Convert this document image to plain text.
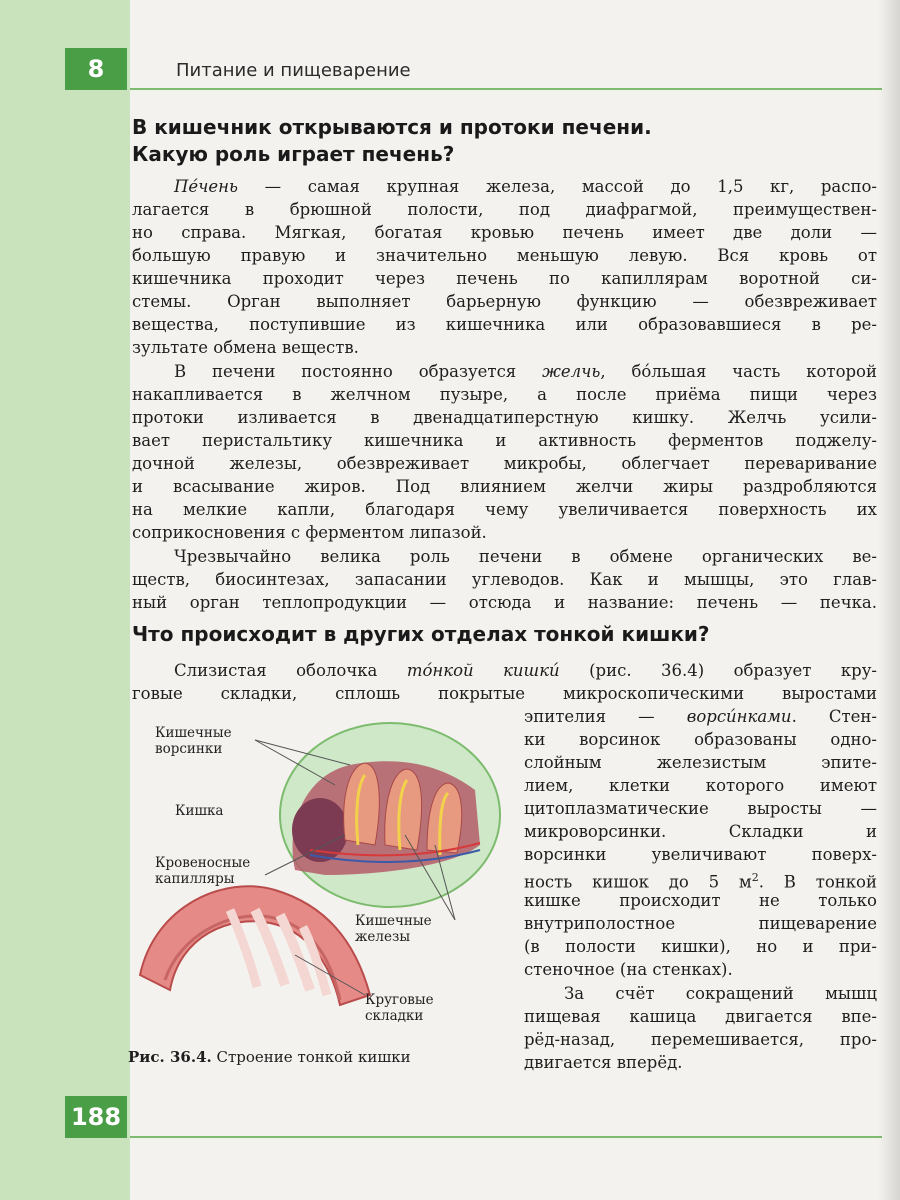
8	Питание и пищеварение
В кишечник открываются и протоки печени.
Какую роль играет печень?
Пе́чень — самая крупная железа, массой до 1,5 кг, распо-
лагается в брюшной полости, под диафрагмой, преимуществен-
но справа. Мягкая, богатая кровью печень имеет две доли —
большую правую и значительно меньшую левую. Вся кровь от
кишечника проходит через печень по капиллярам воротной си-
стемы. Орган выполняет барьерную функцию — обезвреживает
вещества, поступившие из кишечника или образовавшиеся в ре-
зультате обмена веществ.
В печени постоянно образуется желчь, бо́льшая часть которой
накапливается в желчном пузыре, а после приёма пищи через
протоки изливается в двенадцатиперстную кишку. Желчь усили-
вает перистальтику кишечника и активность ферментов поджелу-
дочной железы, обезвреживает микробы, облегчает переваривание
и всасывание жиров. Под влиянием желчи жиры раздробляются
на мелкие капли, благодаря чему увеличивается поверхность их
соприкосновения с ферментом липазой.
Чрезвычайно велика роль печени в обмене органических ве-
ществ, биосинтезах, запасании углеводов. Как и мышцы, это глав-
ный орган теплопродукции — отсюда и название: печень — печка.
Что происходит в других отделах тонкой кишки?
Слизистая оболочка то́нкой кишки́ (рис. 36.4) образует кру-
говые складки, сплошь покрытые микроскопическими выростами
эпителия — ворси́нками. Стен-
ки ворсинок образованы одно-
слойным железистым эпите-
лием, клетки которого имеют
цитоплазматические выросты —
микроворсинки. Складки и
ворсинки увеличивают поверх-
ность кишок до 5 $м^2$. В тонкой
кишке происходит не только
внутриполостное пищеварение
(в полости кишки), но и при-
стеночное (на стенках).
За счёт сокращений мышц
пищевая кашица двигается впе-
рёд-назад, перемешивается, про-
двигается вперёд.
Кишечные
ворсинки
Кишка
Кровеносные
капилляры
Кишечные
железы
Круговые
складки
Рис. 36.4. Строение тонкой кишки
188
